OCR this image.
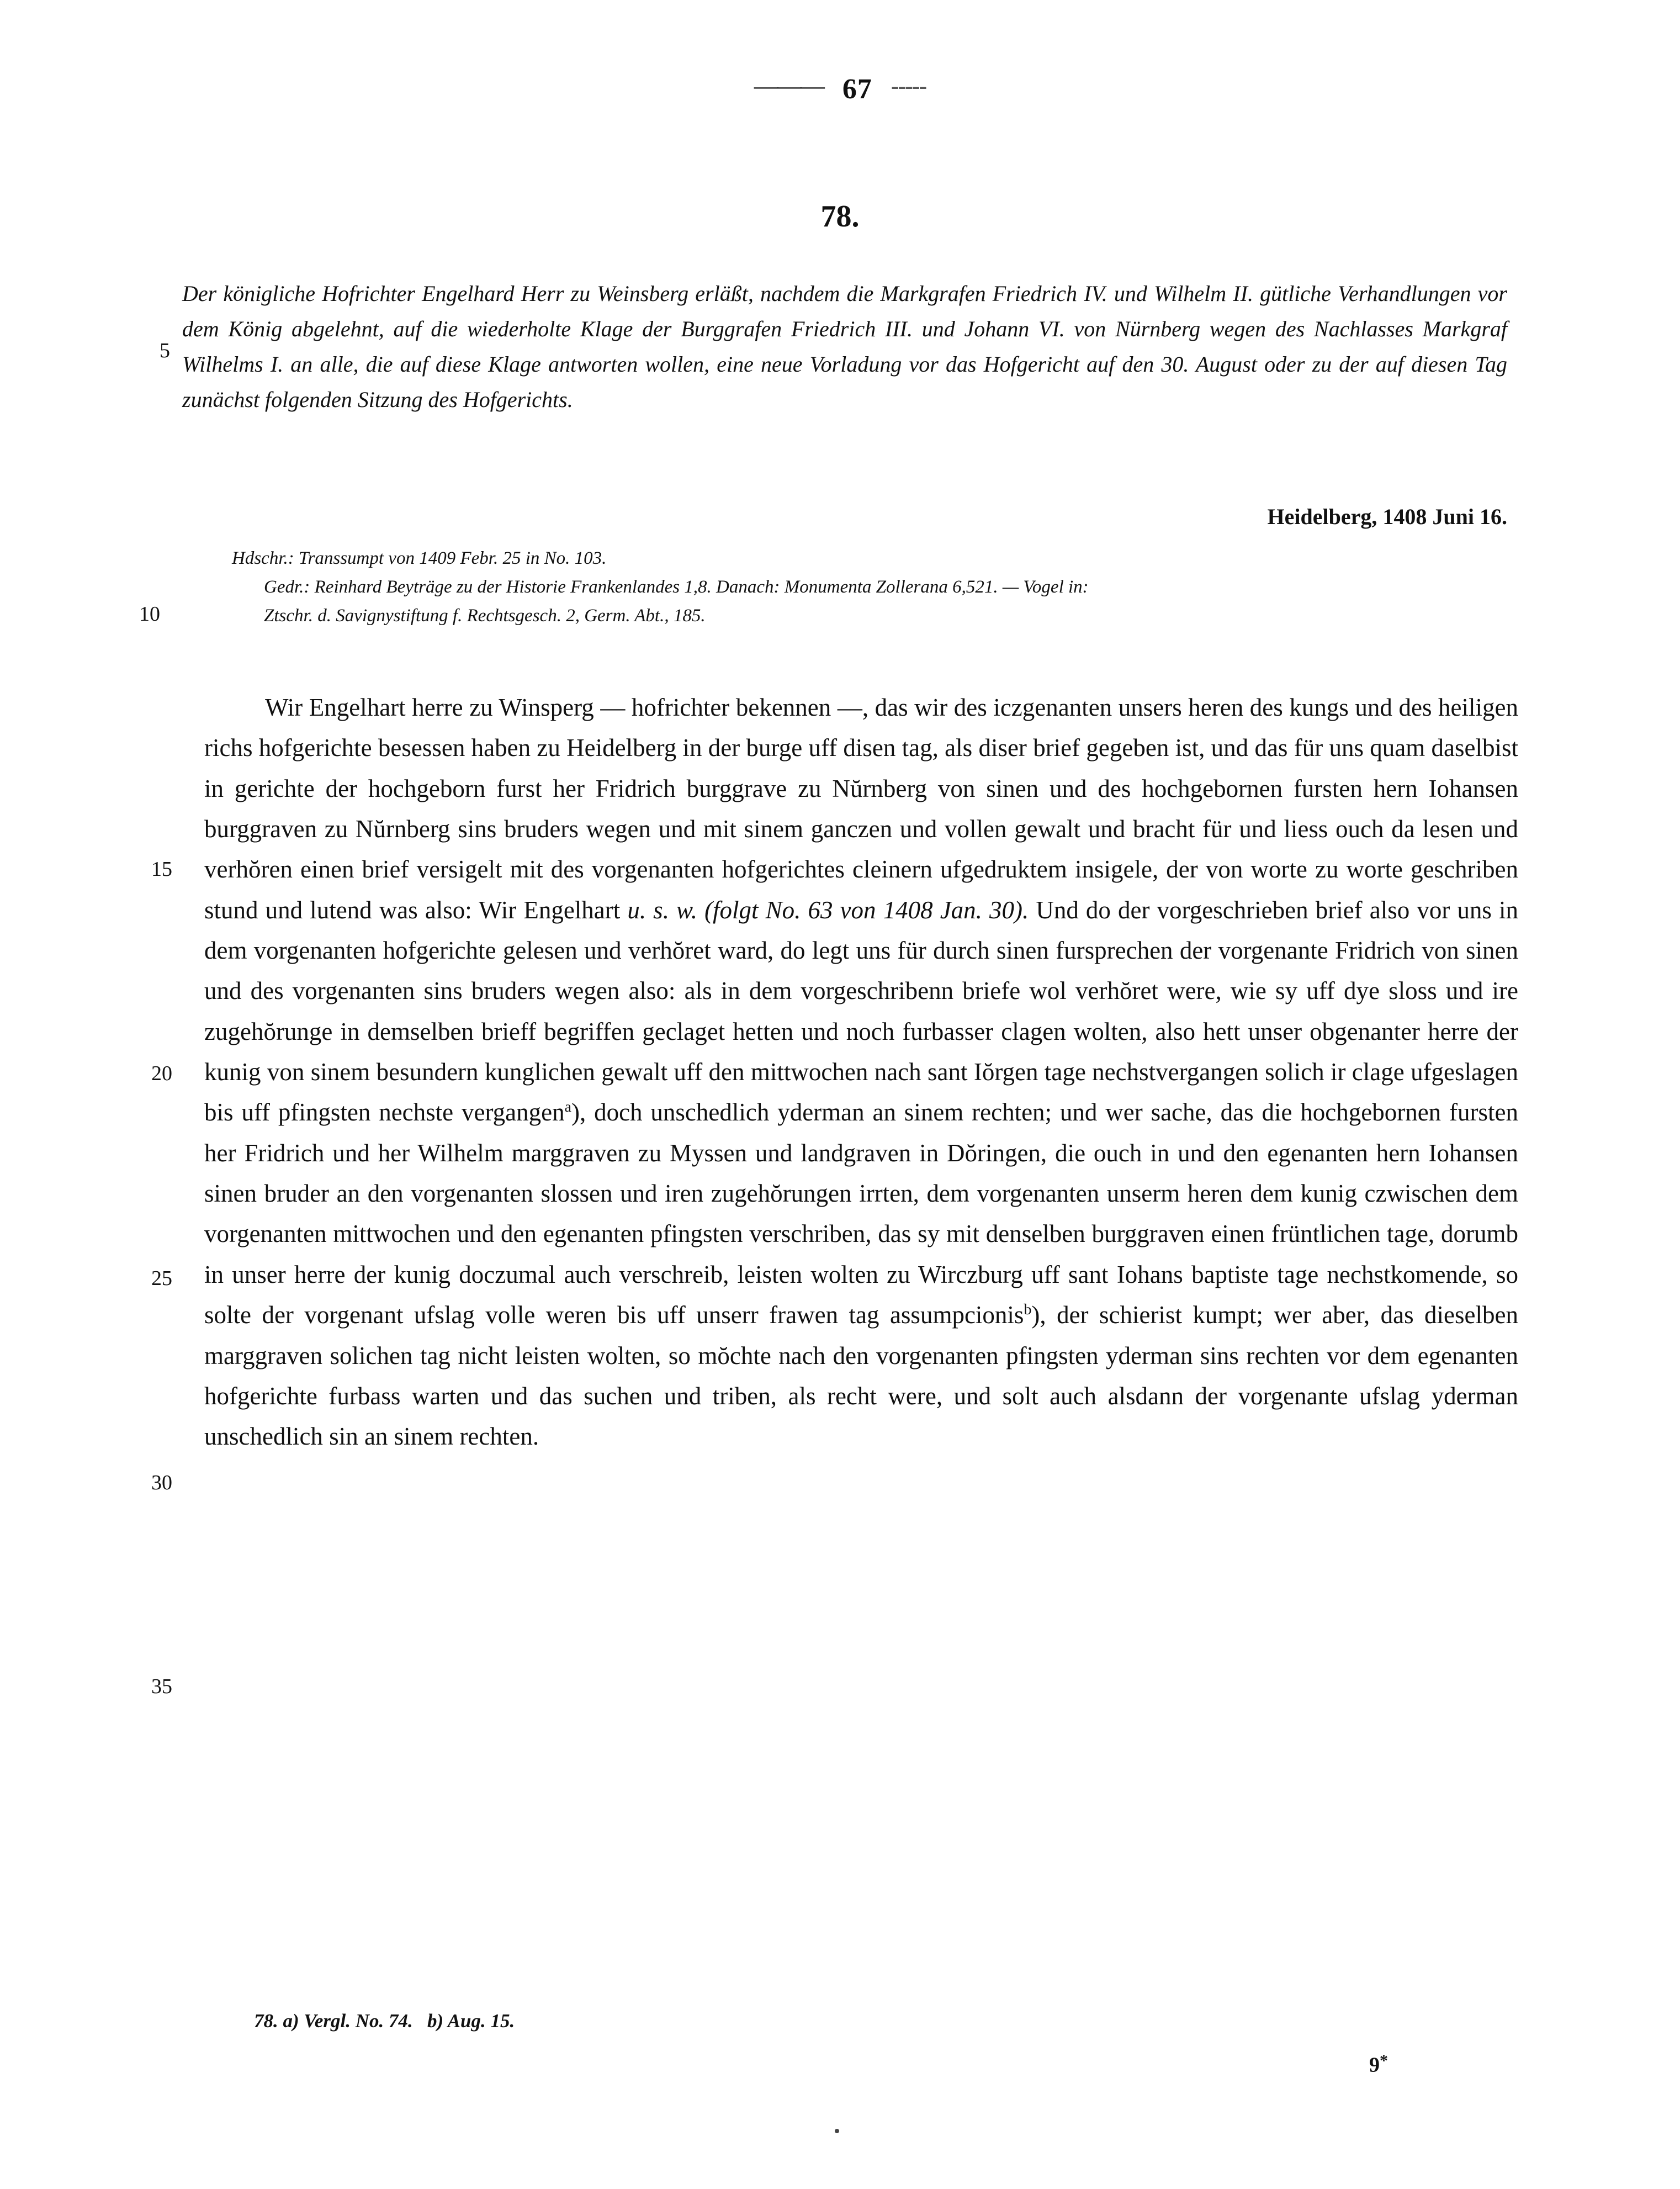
——— 67 -----
78.

Der königliche Hofrichter Engelhard Herr zu Weinsberg erläßt, nachdem die Markgrafen Friedrich IV. und Wilhelm II. gütliche Verhandlungen vor dem König abgelehnt, auf die wiederholte Klage der Burggrafen Friedrich III. und Johann VI. von Nürnberg wegen des Nachlasses Markgraf Wilhelms I. an alle, die auf diese Klage antworten wollen, eine neue Vorladung vor das Hofgericht auf den 30. August oder zu der auf diesen Tag zunächst folgenden Sitzung des Hofgerichts.

Heidelberg, 1408 Juni 16.
Hdschr.: Transsumpt von 1409 Febr. 25 in No. 103.
Gedr.: Reinhard Beyträge zu der Historie Frankenlandes 1,8. Danach: Monumenta Zollerana 6,521. — Vogel in:
Ztschr. d. Savignystiftung f. Rechtsgesch. 2, Germ. Abt., 185.

Wir Engelhart herre zu Winsperg — hofrichter bekennen —, das wir des iczgenanten unsers heren des kungs und des heiligen richs hofgerichte besessen haben zu Heidelberg in der burge uff disen tag, als diser brief gegeben ist, und das für uns quam daselbist in gerichte der hochgeborn furst her Fridrich burggrave zu Nŭrnberg von sinen und des hochgebornen fursten hern Iohansen burggraven zu Nŭrnberg sins bruders wegen und mit sinem ganczen und vollen gewalt und bracht für und liess ouch da lesen und verhŏren einen brief versigelt mit des vorgenanten hofgerichtes cleinern ufgedruktem insigele, der von worte zu worte geschriben stund und lutend was also: Wir Engelhart u. s. w. (folgt No. 63 von 1408 Jan. 30). Und do der vorgeschrieben brief also vor uns in dem vorgenanten hofgerichte gelesen und verhŏret ward, do legt uns für durch sinen fursprechen der vorgenante Fridrich von sinen und des vorgenanten sins bruders wegen also: als in dem vorgeschribenn briefe wol verhŏret were, wie sy uff dye sloss und ire zugehŏrunge in demselben brieff begriffen geclaget hetten und noch furbasser clagen wolten, also hett unser obgenanter herre der kunig von sinem besundern kunglichen gewalt uff den mittwochen nach sant Iŏrgen tage nechstvergangen solich ir clage ufgeslagen bis uff pfingsten nechste vergangen$^a$), doch unschedlich yderman an sinem rechten; und wer sache, das die hochgebornen fursten her Fridrich und her Wilhelm marggraven zu Myssen und landgraven in Dŏringen, die ouch in und den egenanten hern Iohansen sinen bruder an den vorgenanten slossen und iren zugehŏrungen irrten, dem vorgenanten unserm heren dem kunig czwischen dem vorgenanten mittwochen und den egenanten pfingsten verschriben, das sy mit denselben burggraven einen früntlichen tage, dorumb in unser herre der kunig doczumal auch verschreib, leisten wolten zu Wirczburg uff sant Iohans baptiste tage nechstkomende, so solte der vorgenant ufslag volle weren bis uff unserr frawen tag assumpcionis$^b$), der schierist kumpt; wer aber, das dieselben marggraven solichen tag nicht leisten wolten, so mŏchte nach den vorgenanten pfingsten yderman sins rechten vor dem egenanten hofgerichte furbass warten und das suchen und triben, als recht were, und solt auch alsdann der vorgenante ufslag yderman unschedlich sin an sinem rechten.

5
10
15
20
25
30
35
78. a) Vergl. No. 74. b) Aug. 15.
9*
